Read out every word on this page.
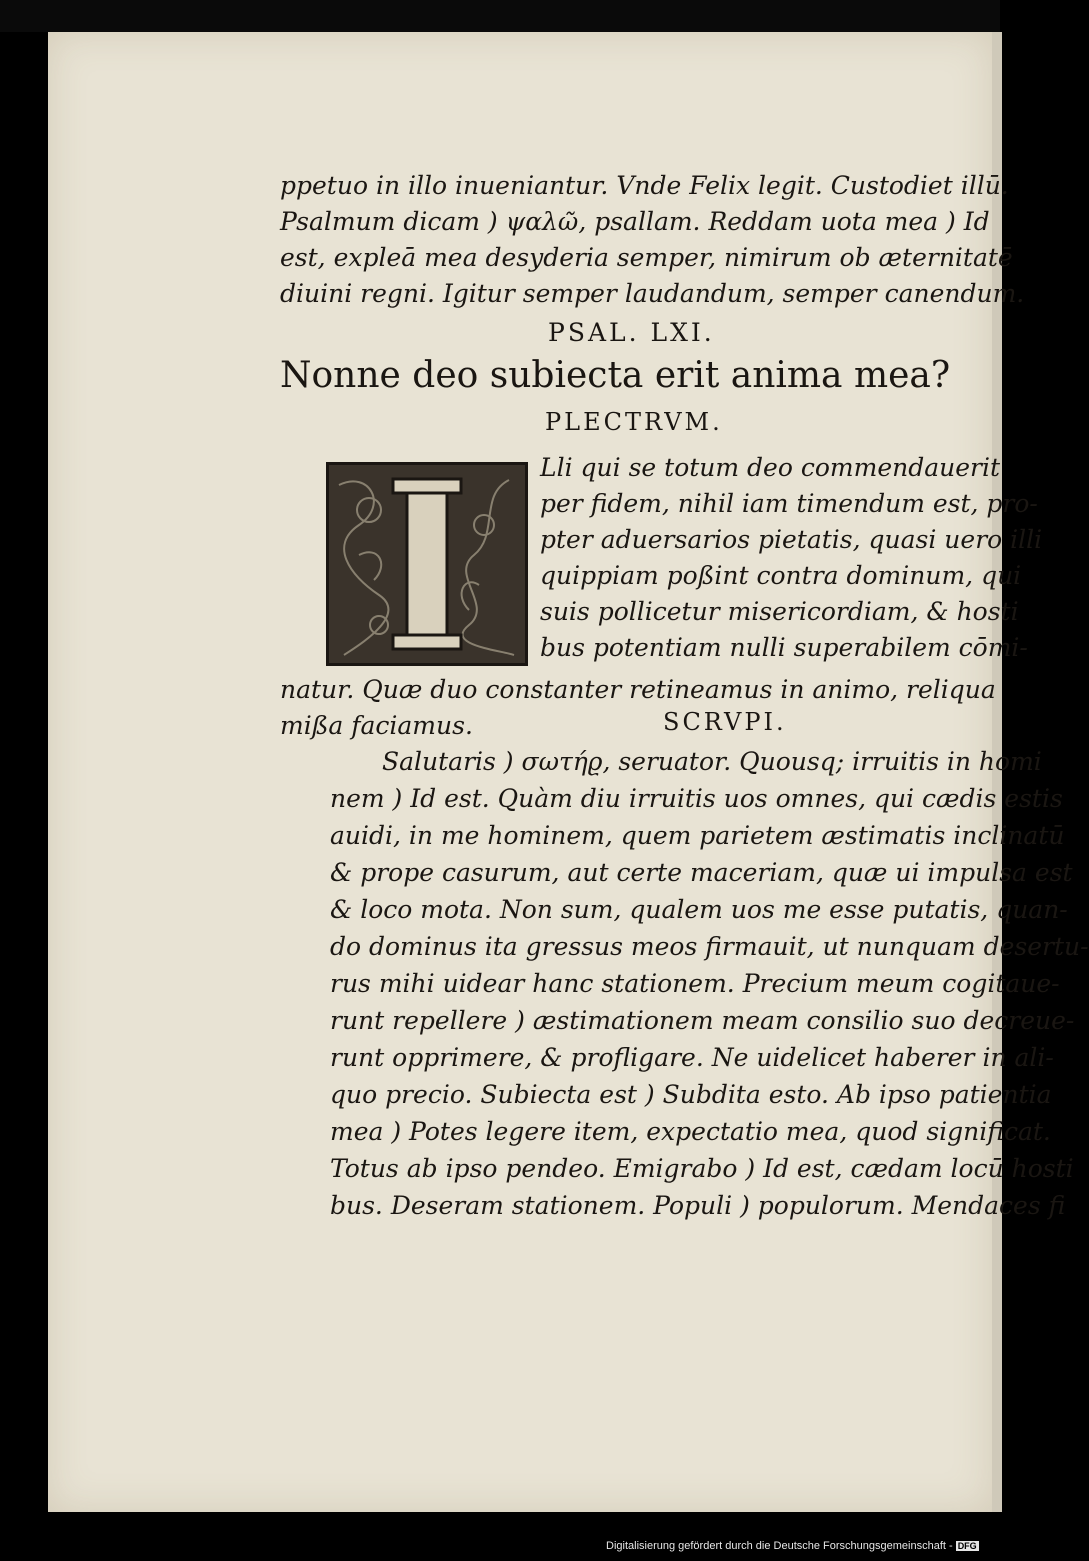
ppetuo in illo inueniantur. Vnde Felix legit. Custodiet illū.
Psalmum dicam ) ψαλῶ, psallam. Reddam uota mea ) Id
est, expleā mea desyderia semper, nimirum ob æternitatē
diuini regni. Igitur semper laudandum, semper canendum.
PSAL. LXI.
Nonne deo subiecta erit anima mea?
PLECTRVM.
Lli qui se totum deo commendauerit
per fidem, nihil iam timendum est, pro-
pter aduersarios pietatis, quasi uero illi
quippiam poßint contra dominum, qui
suis pollicetur misericordiam, & hosti
bus potentiam nulli superabilem cōmi-
natur. Quæ duo constanter retineamus in animo, reliqua
mißa faciamus.	SCRVPI.
Salutaris ) σωτήϱ, seruator. Quousq; irruitis in homi
nem ) Id est. Quàm diu irruitis uos omnes, qui cædis estis
auidi, in me hominem, quem parietem æstimatis inclinatū
& prope casurum, aut certe maceriam, quæ ui impulsa est
& loco mota. Non sum, qualem uos me esse putatis, quan-
do dominus ita gressus meos firmauit, ut nunquam desertu-
rus mihi uidear hanc stationem. Precium meum cogitaue-
runt repellere ) æstimationem meam consilio suo decreue-
runt opprimere, & profligare. Ne uidelicet haberer in ali-
quo precio. Subiecta est ) Subdita esto. Ab ipso patientia
mea ) Potes legere item, expectatio mea, quod significat.
Totus ab ipso pendeo. Emigrabo ) Id est, cædam locū hosti
bus. Deseram stationem. Populi ) populorum. Mendaces fi
Digitalisierung gefördert durch die Deutsche Forschungsgemeinschaft - DFG
